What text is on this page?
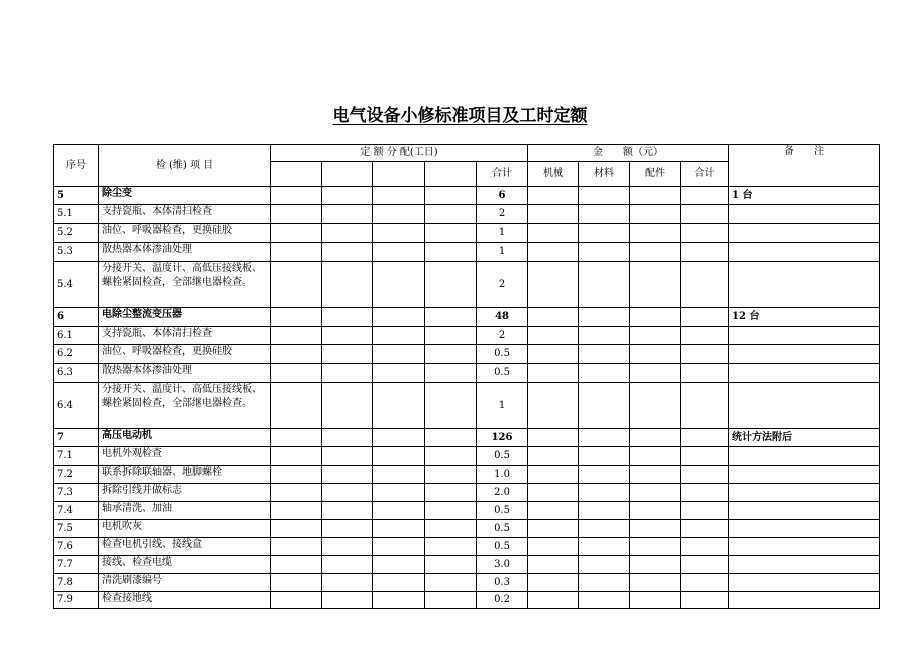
电气设备小修标准项目及工时定额
序号	检 (维) 项 目	定 额 分 配(工日)					金　　额（元）				备　　注
						合计	机械	材料	配件	合计	
5	除尘变					6					1 台
5.1	支持瓷瓶、本体清扫检查					2					
5.2	油位、呼吸器检查，更换硅胶					1					
5.3	散热器本体渗油处理					1					
5.4	分接开关、温度计、高低压接线板、螺栓紧固检查，全部继电器检查。					2					
6	电除尘整流变压器					48					12 台
6.1	支持瓷瓶、本体清扫检查					2					
6.2	油位、呼吸器检查，更换硅胶					0.5					
6.3	散热器本体渗油处理					0.5					
6.4	分接开关、温度计、高低压接线板、螺栓紧固检查，全部继电器检查。					1					
7	高压电动机					126					统计方法附后
7.1	电机外观检查					0.5					
7.2	联系拆除联轴器、地脚螺栓					1.0					
7.3	拆除引线并做标志					2.0					
7.4	轴承清洗、加油					0.5					
7.5	电机吹灰					0.5					
7.6	检查电机引线、接线盒					0.5					
7.7	接线、检查电缆					3.0					
7.8	清洗刷漆编号					0.3					
7.9	检查接地线					0.2					
